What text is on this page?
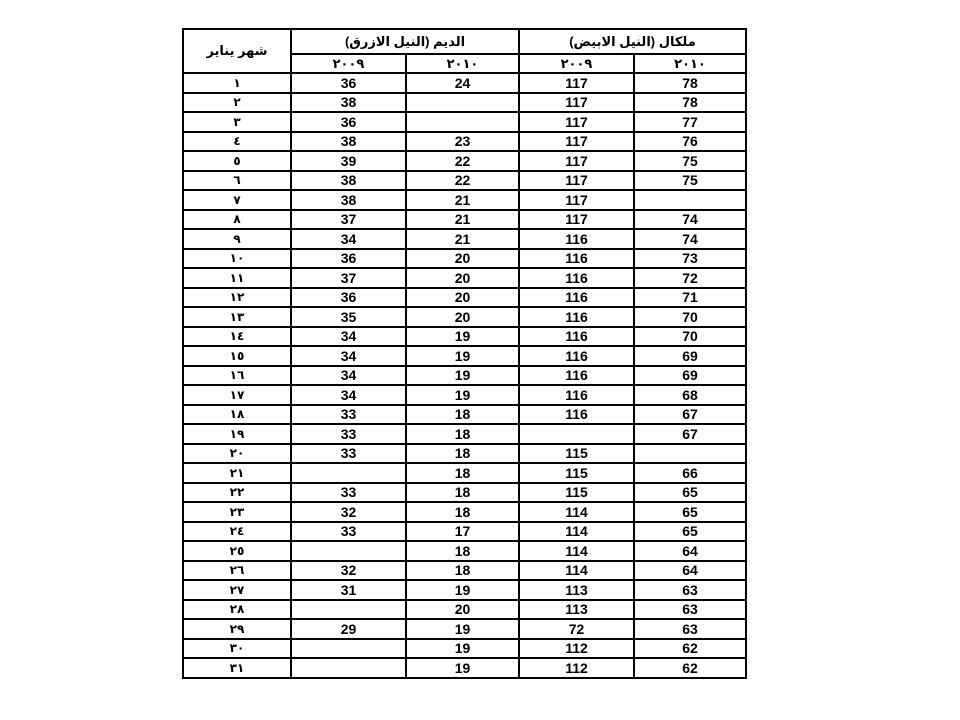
شهر يناير	الديم (النيل الازرق)		ملكال (النيل الابيض)	
	٢٠٠٩	٢٠١٠	٢٠٠٩	٢٠١٠
١	36	24	117	78
٢	38		117	78
٣	36		117	77
٤	38	23	117	76
٥	39	22	117	75
٦	38	22	117	75
٧	38	21	117	
٨	37	21	117	74
٩	34	21	116	74
١٠	36	20	116	73
١١	37	20	116	72
١٢	36	20	116	71
١٣	35	20	116	70
١٤	34	19	116	70
١٥	34	19	116	69
١٦	34	19	116	69
١٧	34	19	116	68
١٨	33	18	116	67
١٩	33	18		67
٢٠	33	18	115	
٢١		18	115	66
٢٢	33	18	115	65
٢٣	32	18	114	65
٢٤	33	17	114	65
٢٥		18	114	64
٢٦	32	18	114	64
٢٧	31	19	113	63
٢٨		20	113	63
٢٩	29	19	72	63
٣٠		19	112	62
٣١		19	112	62
